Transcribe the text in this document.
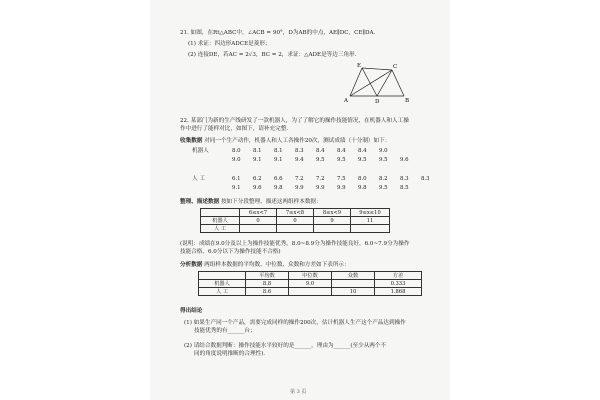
21. 如图，在Rt△ABC中，∠ACB = 90°，D为AB的中点，AE∥DC，CE∥DA.
(1) 求证：四边形ADCE是菱形；
(2) 连接DE，若AC = 2√3，BC = 2，求证：△ADE是等边三角形.
E	C
A	D	B
22. 某部门为新的生产线研发了一款机器人，为了了解它的操作技能情况，在机器人和人工操
作中进行了能样对比，如图下，请补充完整.
收集数据 对同一个生产动作，机器人和人工各操作20次，测试成绩（十分制）如下：
机器人	8.0 8.1 8.1 8.3 8.4 8.4 8.4 9.0
9.0 9.1 9.1 9.4 9.5 9.5 9.5 9.5 9.6
人 工	6.1 6.2 6.6 7.2 7.2 7.5 8.0 8.2 8.3 8.3
9.1 9.6 9.8 9.9 9.9 9.9 9.8 9.5 8.5
整理、描述数据 按如下分段整理、描述这两组样本数据：
	6≤x<7	7≤x<8	8≤x<9	9≤x≤10
机器人	0	0	9	11
人 工				
(说明：成绩在9.0分及以上为操作技能优秀，8.0~8.9分为操作技能良好，6.0~7.9分为操作
技能合格，6.0分以下为操作技能不合格)
分析数据 两组样本数据的平均数、中位数、众数和方差如下表所示：
	平均数	中位数	众数	方差
机器人	8.8	9.0		0.333
人 工	8.6		10	1.868
得出结论
(1) 如果生产同一个产品，需要完成同样的操作200次，估计机器人生产这个产品达到操作
技能优秀的有______台；
(2) 请结合数据判断：操作技能水平较好的是______，理由为______(至少从两个不
同的角度说明推断的合理性).
第 3 页
